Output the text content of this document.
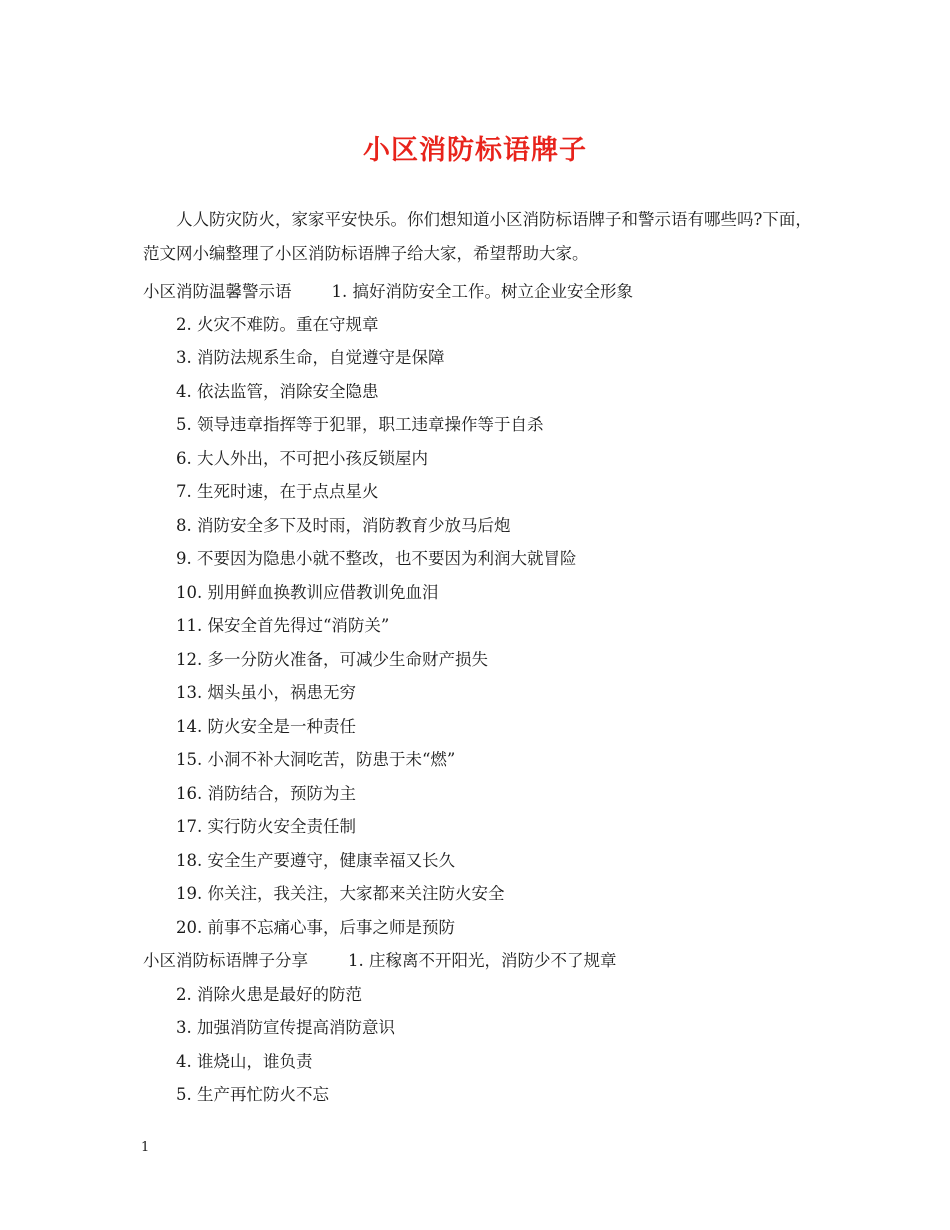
小区消防标语牌子
人人防灾防火，家家平安快乐。你们想知道小区消防标语牌子和警示语有哪些吗?下面，范文网小编整理了小区消防标语牌子给大家，希望帮助大家。
小区消防温馨警示语 1. 搞好消防安全工作。树立企业安全形象
2. 火灾不难防。重在守规章
3. 消防法规系生命，自觉遵守是保障
4. 依法监管，消除安全隐患
5. 领导违章指挥等于犯罪，职工违章操作等于自杀
6. 大人外出，不可把小孩反锁屋内
7. 生死时速，在于点点星火
8. 消防安全多下及时雨，消防教育少放马后炮
9. 不要因为隐患小就不整改，也不要因为利润大就冒险
10. 别用鲜血换教训应借教训免血泪
11. 保安全首先得过“消防关”
12. 多一分防火准备，可减少生命财产损失
13. 烟头虽小，祸患无穷
14. 防火安全是一种责任
15. 小洞不补大洞吃苦，防患于未“燃”
16. 消防结合，预防为主
17. 实行防火安全责任制
18. 安全生产要遵守，健康幸福又长久
19. 你关注，我关注，大家都来关注防火安全
20. 前事不忘痛心事，后事之师是预防
小区消防标语牌子分享 1. 庄稼离不开阳光，消防少不了规章
2. 消除火患是最好的防范
3. 加强消防宣传提高消防意识
4. 谁烧山，谁负责
5. 生产再忙防火不忘
1
